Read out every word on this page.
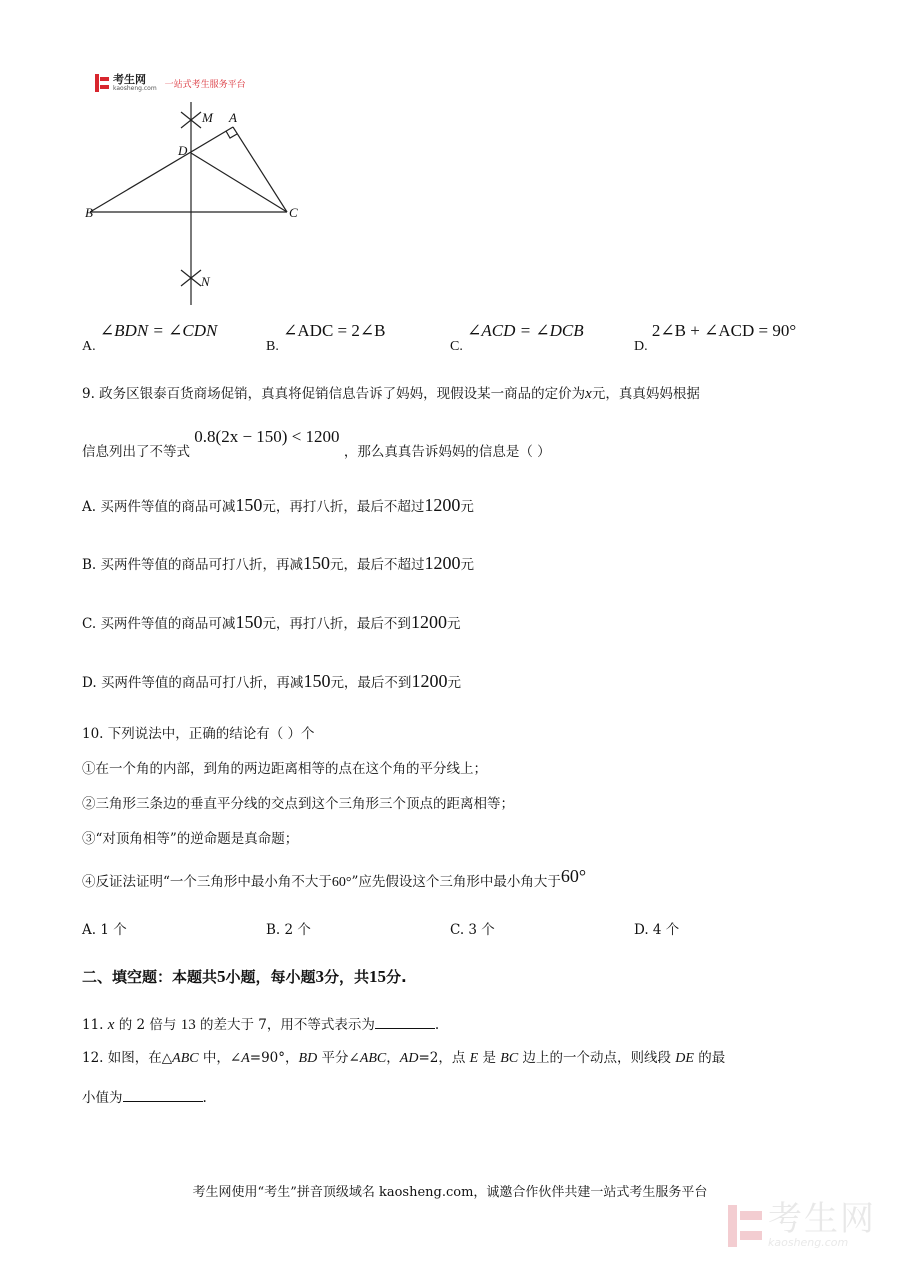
考生网
kaosheng.com 一站式考生服务平台
M A
D
B	C
N
A. ∠BDN = ∠CDN
B. ∠ADC = 2∠B
C. ∠ACD = ∠DCB
D. 2∠B + ∠ACD = 90°
9. 政务区银泰百货商场促销，真真将促销信息告诉了妈妈，现假设某一商品的定价为x元，真真妈妈根据
信息列出了不等式 0.8(2x − 150) < 1200 ，那么真真告诉妈妈的信息是（ ）
A. 买两件等值的商品可减150元，再打八折，最后不超过1200元
B. 买两件等值的商品可打八折，再减150元，最后不超过1200元
C. 买两件等值的商品可减150元，再打八折，最后不到1200元
D. 买两件等值的商品可打八折，再减150元，最后不到1200元
10. 下列说法中，正确的结论有（ ）个
①在一个角的内部，到角的两边距离相等的点在这个角的平分线上；
②三角形三条边的垂直平分线的交点到这个三角形三个顶点的距离相等；
③“对顶角相等”的逆命题是真命题；
④反证法证明“一个三角形中最小角不大于60°”应先假设这个三角形中最小角大于60°
A. 1 个	B. 2 个	C. 3 个	D. 4 个
二、填空题：本题共5小题，每小题3分，共15分.
11. x 的 2 倍与 13 的差大于 7，用不等式表示为	.
12. 如图，在△ABC 中，∠A=90°，BD 平分∠ABC，AD=2，点 E 是 BC 边上的一个动点，则线段 DE 的最
小值为	.
考生网使用“考生”拼音顶级域名 kaosheng.com，诚邀合作伙伴共建一站式考生服务平台
考生网
kaosheng.com
